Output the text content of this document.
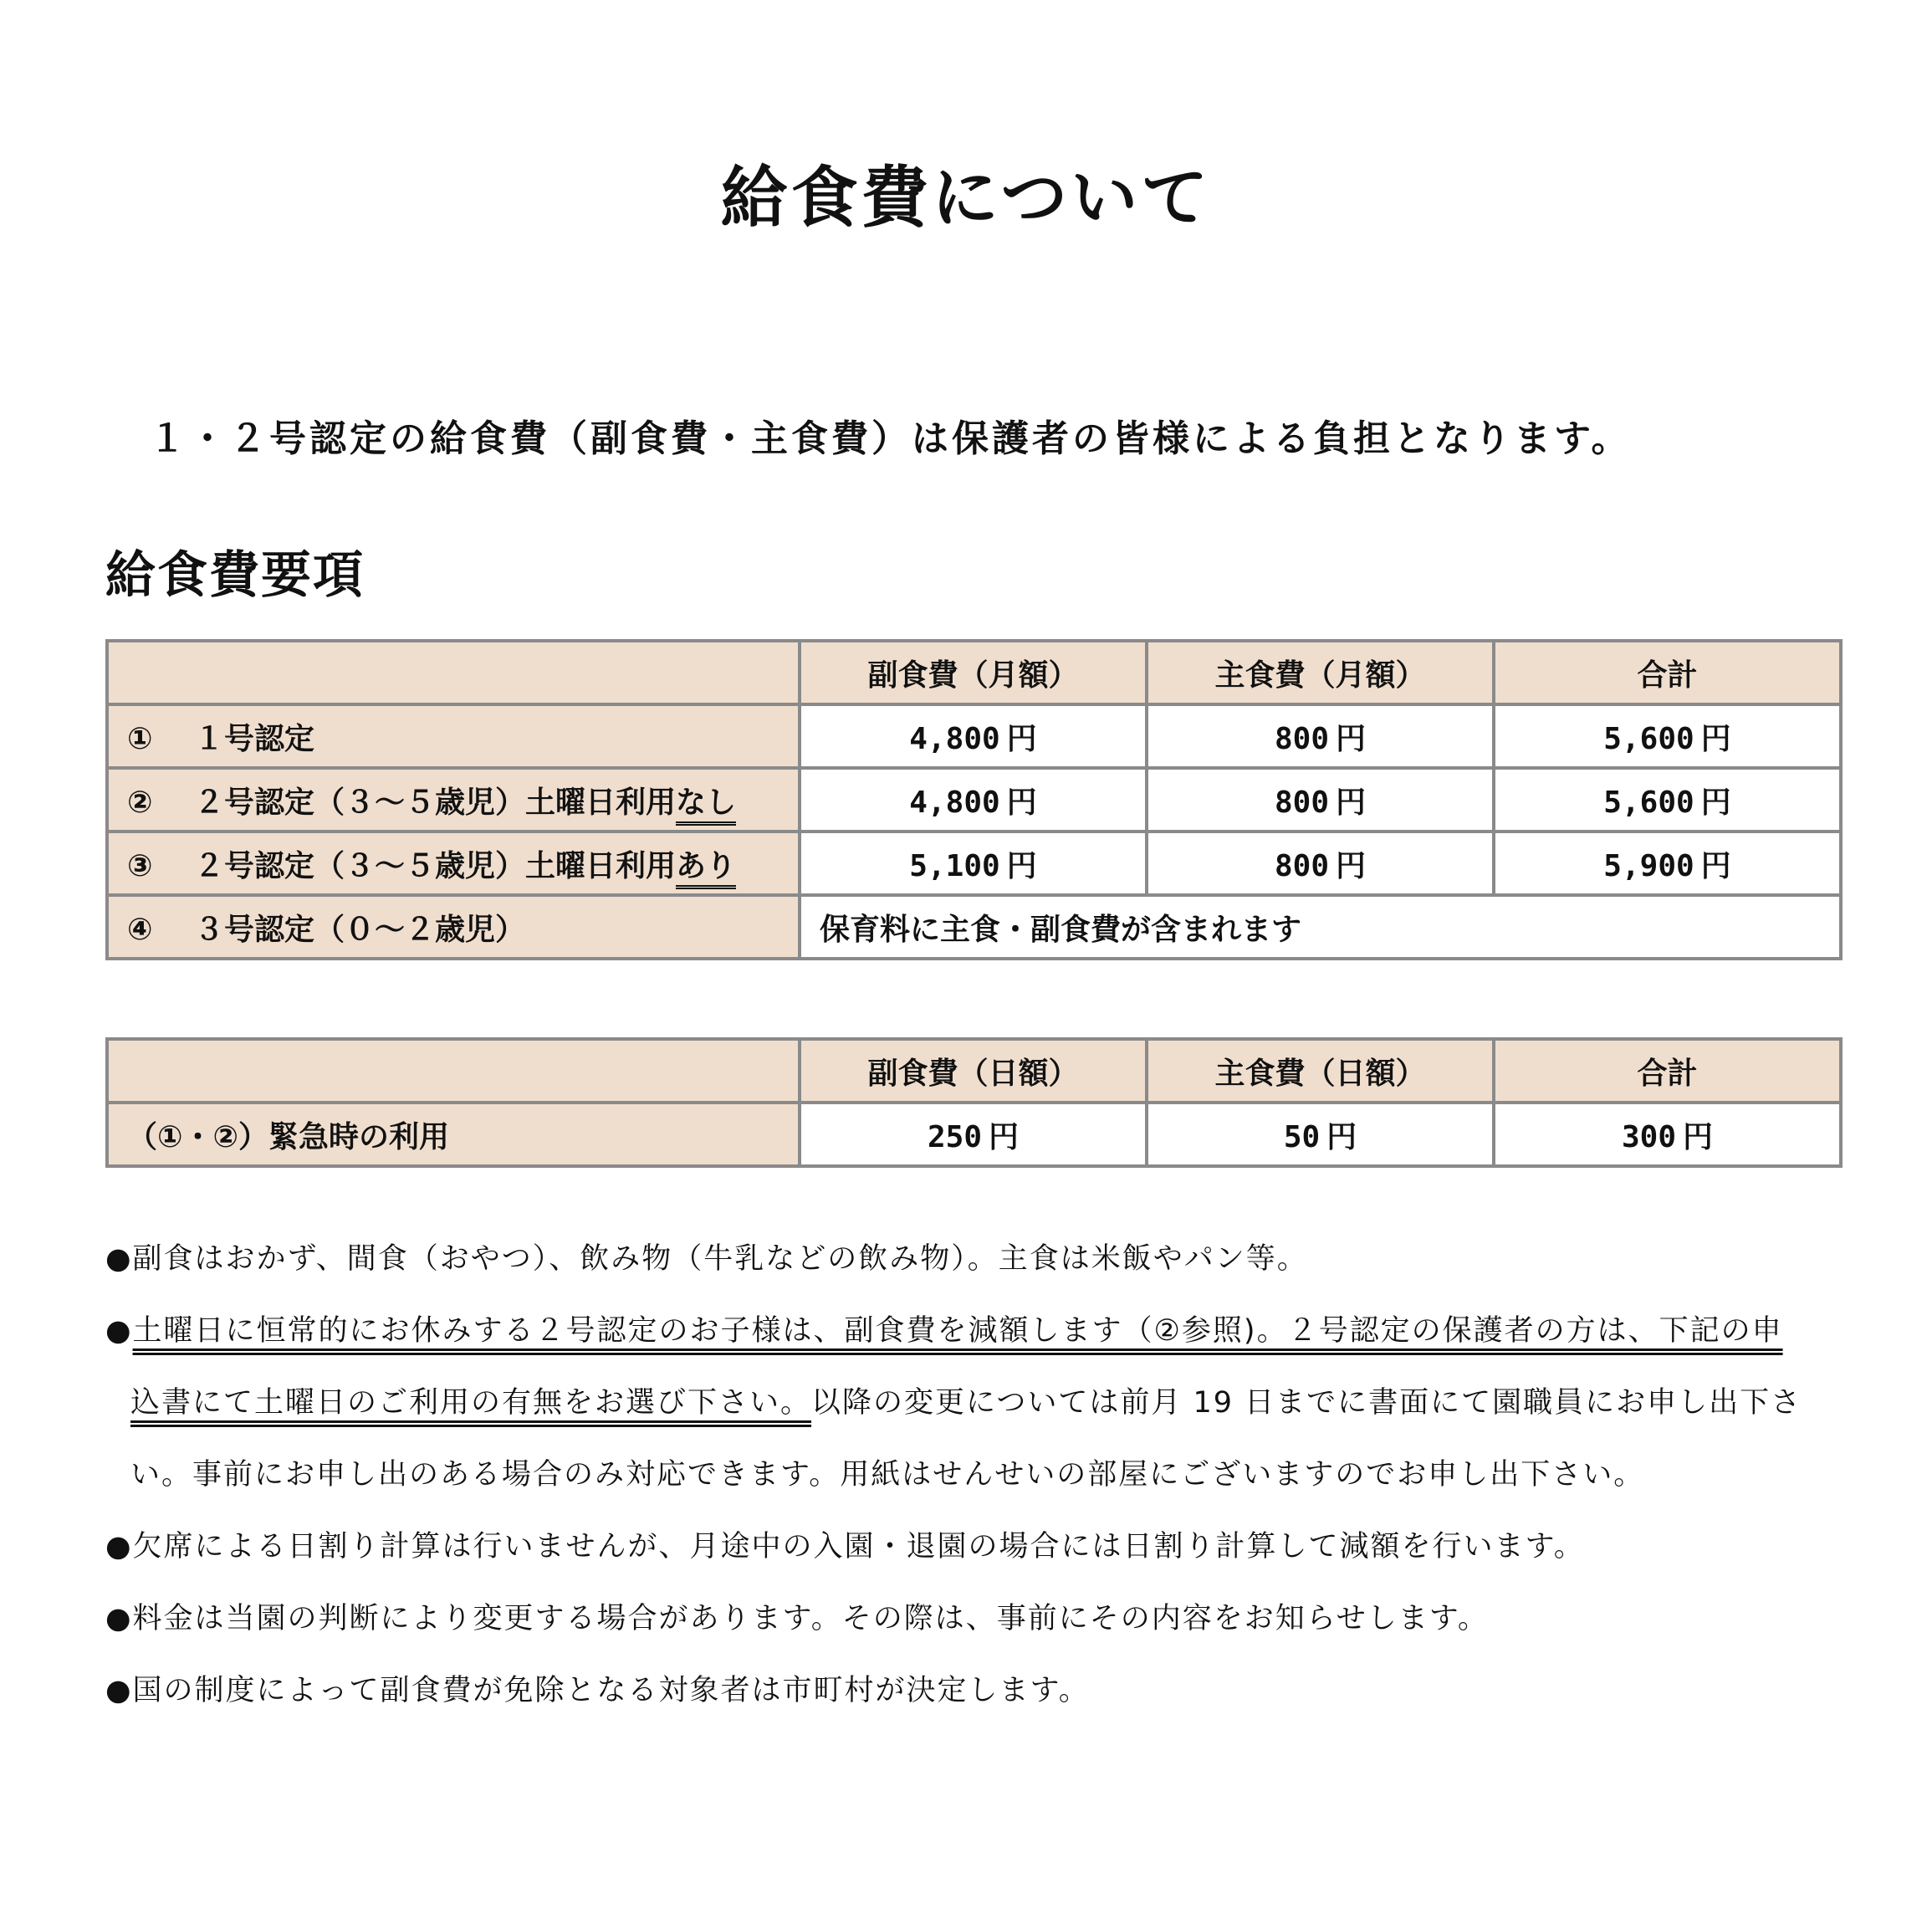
給食費について

１・２号認定の給食費（副食費・主食費）は保護者の皆様による負担となります。

給食費要項
	副食費（月額）	主食費（月額）	合計
① １号認定	4,800 円	800 円	5,600 円
② ２号認定（３～５歳児）土曜日利用なし	4,800 円	800 円	5,600 円
③ ２号認定（３～５歳児）土曜日利用あり	5,100 円	800 円	5,900 円
④ ３号認定（０～２歳児）	保育料に主食・副食費が含まれます		
	副食費（日額）	主食費（日額）	合計
（①・②）緊急時の利用	250 円	50 円	300 円

●副食はおかず、間食（おやつ）、飲み物（牛乳などの飲み物）。主食は米飯やパン等。

●土曜日に恒常的にお休みする２号認定のお子様は、副食費を減額します（②参照)。２号認定の保護者の方は、下記の申

込書にて土曜日のご利用の有無をお選び下さい。以降の変更については前月 19 日までに書面にて園職員にお申し出下さ

い。事前にお申し出のある場合のみ対応できます。用紙はせんせいの部屋にございますのでお申し出下さい。

●欠席による日割り計算は行いませんが、月途中の入園・退園の場合には日割り計算して減額を行います。

●料金は当園の判断により変更する場合があります。その際は、事前にその内容をお知らせします。

●国の制度によって副食費が免除となる対象者は市町村が決定します。
